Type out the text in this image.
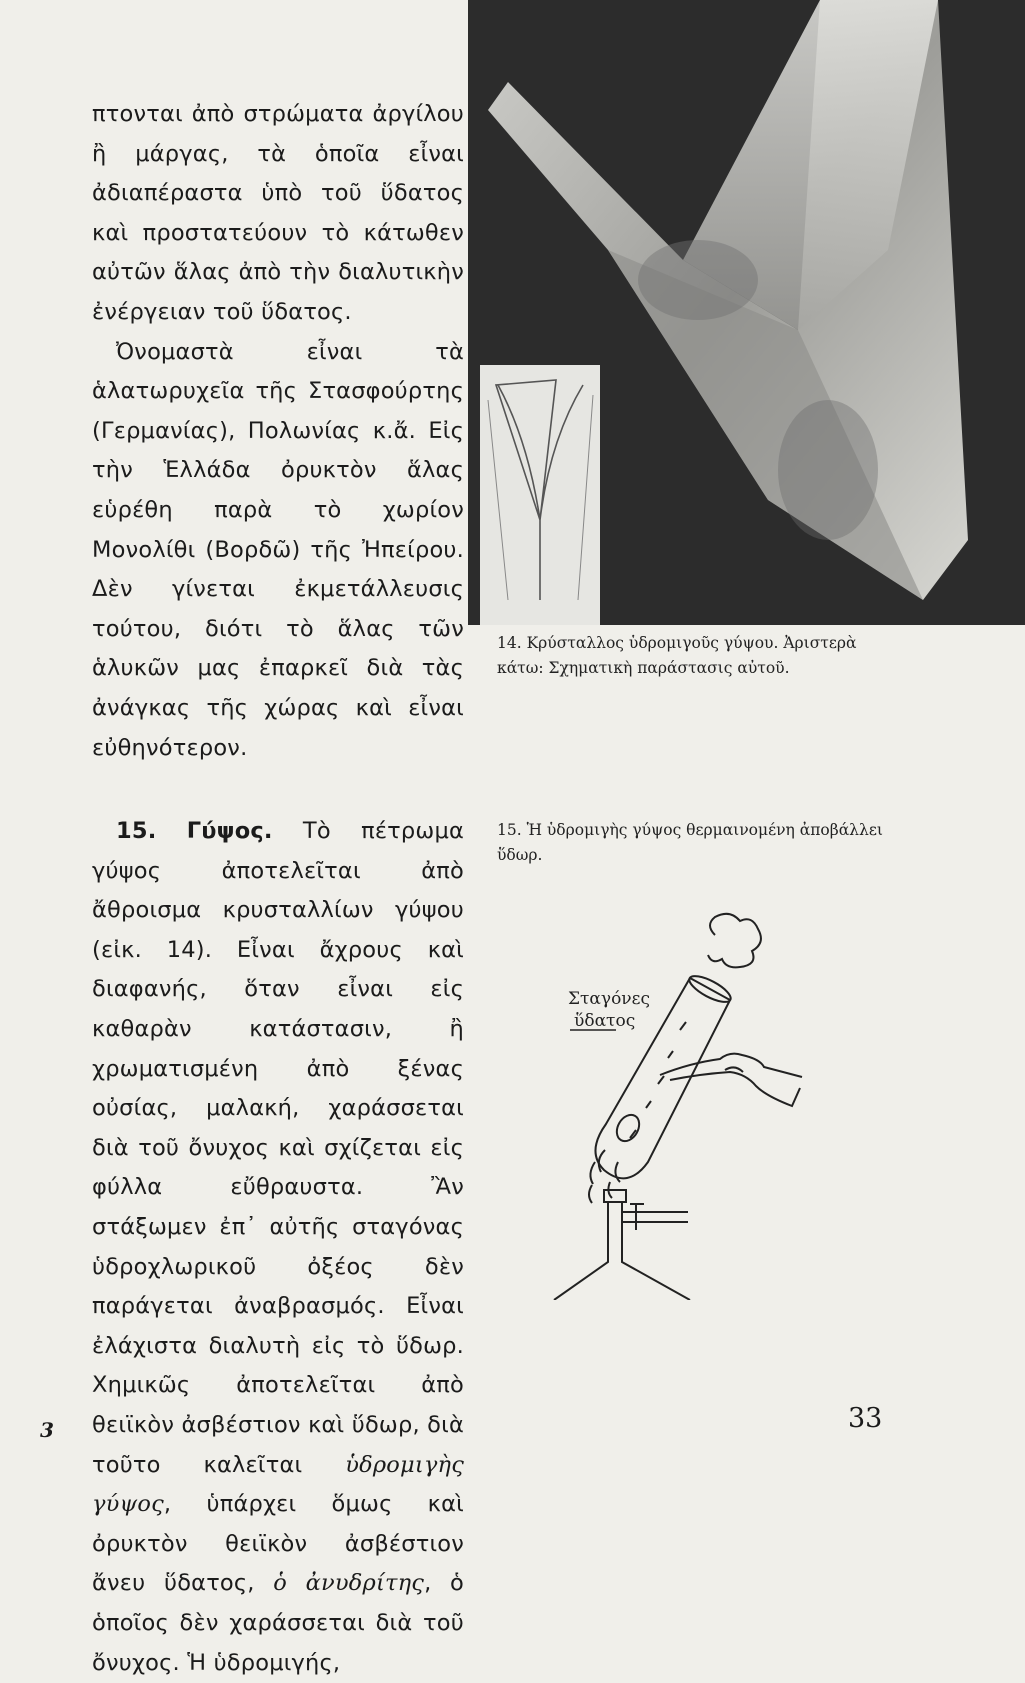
πτονται ἀπὸ στρώματα ἀργίλου ἢ μάργας, τὰ ὁποῖα εἶναι ἀδιαπέραστα ὑπὸ τοῦ ὕδατος καὶ προστατεύουν τὸ κάτωθεν αὐτῶν ἅλας ἀπὸ τὴν διαλυτικὴν ἐνέργειαν τοῦ ὕδατος.

Ὀνομαστὰ εἶναι τὰ ἁλατωρυχεῖα τῆς Στασφούρτης (Γερμανίας), Πολωνίας κ.ἄ. Εἰς τὴν Ἑλλάδα ὀρυκτὸν ἅλας εὑρέθη παρὰ τὸ χωρίον Μονολίθι (Βορδῶ) τῆς Ἠπείρου. Δὲν γίνεται ἐκμετάλλευσις τούτου, διότι τὸ ἅλας τῶν ἁλυκῶν μας ἐπαρκεῖ διὰ τὰς ἀνάγκας τῆς χώρας καὶ εἶναι εὐθηνότερον.

15. Γύψος. Τὸ πέτρωμα γύψος ἀποτελεῖται ἀπὸ ἄθροισμα κρυσταλλίων γύψου (εἰκ. 14). Εἶναι ἄχρους καὶ διαφανής, ὅταν εἶναι εἰς καθαρὰν κατάστασιν, ἢ χρωματισμένη ἀπὸ ξένας οὐσίας, μαλακή, χαράσσεται διὰ τοῦ ὄνυχος καὶ σχίζεται εἰς φύλλα εὔθραυστα. Ἂν στάξωμεν ἐπ᾽ αὐτῆς σταγόνας ὑδροχλωρικοῦ ὀξέος δὲν παράγεται ἀναβρασμός. Εἶναι ἐλάχιστα διαλυτὴ εἰς τὸ ὕδωρ. Χημικῶς ἀποτελεῖται ἀπὸ θειϊκὸν ἀσβέστιον καὶ ὕδωρ, διὰ τοῦτο καλεῖται ὑδρομιγὴς γύψος, ὑπάρχει ὅμως καὶ ὀρυκτὸν θειϊκὸν ἀσβέστιον ἄνευ ὕδατος, ὁ ἀνυδρίτης, ὁ ὁποῖος δὲν χαράσσεται διὰ τοῦ ὄνυχος. Ἡ ὑδρομιγής,

14. Κρύσταλλος ὑδρομιγοῦς γύψου. Ἀριστερὰ κάτω: Σχηματικὴ παράστασις αὐτοῦ.
15. Ἡ ὑδρομιγὴς γύψος θερμαινομένη ἀποβάλλει ὕδωρ.
Σταγόνες
ὕδατος
3	33
